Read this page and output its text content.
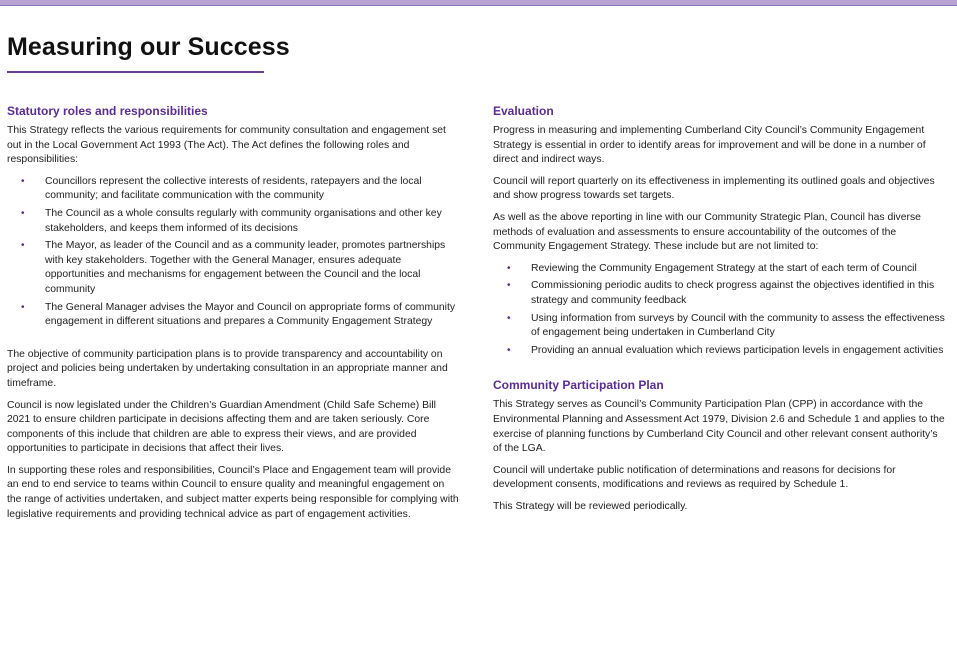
Measuring our Success
Statutory roles and responsibilities

This Strategy reflects the various requirements for community consultation and engagement set out in the Local Government Act 1993 (The Act). The Act defines the following roles and responsibilities:

• Councillors represent the collective interests of residents, ratepayers and the local community; and facilitate communication with the community
• The Council as a whole consults regularly with community organisations and other key stakeholders, and keeps them informed of its decisions
• The Mayor, as leader of the Council and as a community leader, promotes partnerships with key stakeholders. Together with the General Manager, ensures adequate opportunities and mechanisms for engagement between the Council and the local community
• The General Manager advises the Mayor and Council on appropriate forms of community engagement in different situations and prepares a Community Engagement Strategy

The objective of community participation plans is to provide transparency and accountability on project and policies being undertaken by undertaking consultation in an appropriate manner and timeframe.

Council is now legislated under the Children’s Guardian Amendment (Child Safe Scheme) Bill 2021 to ensure children participate in decisions affecting them and are taken seriously. Core components of this include that children are able to express their views, and are provided opportunities to participate in decisions that affect their lives.

In supporting these roles and responsibilities, Council’s Place and Engagement team will provide an end to end service to teams within Council to ensure quality and meaningful engagement on the range of activities undertaken, and subject matter experts being responsible for complying with legislative requirements and providing technical advice as part of engagement activities.

Evaluation

Progress in measuring and implementing Cumberland City Council’s Community Engagement Strategy is essential in order to identify areas for improvement and will be done in a number of direct and indirect ways.

Council will report quarterly on its effectiveness in implementing its outlined goals and objectives and show progress towards set targets.

As well as the above reporting in line with our Community Strategic Plan, Council has diverse methods of evaluation and assessments to ensure accountability of the outcomes of the Community Engagement Strategy. These include but are not limited to:

• Reviewing the Community Engagement Strategy at the start of each term of Council
• Commissioning periodic audits to check progress against the objectives identified in this strategy and community feedback
• Using information from surveys by Council with the community to assess the effectiveness of engagement being undertaken in Cumberland City
• Providing an annual evaluation which reviews participation levels in engagement activities
Community Participation Plan

This Strategy serves as Council’s Community Participation Plan (CPP) in accordance with the Environmental Planning and Assessment Act 1979, Division 2.6 and Schedule 1 and applies to the exercise of planning functions by Cumberland City Council and other relevant consent authority’s of the LGA.

Council will undertake public notification of determinations and reasons for decisions for development consents, modifications and reviews as required by Schedule 1.

This Strategy will be reviewed periodically.
